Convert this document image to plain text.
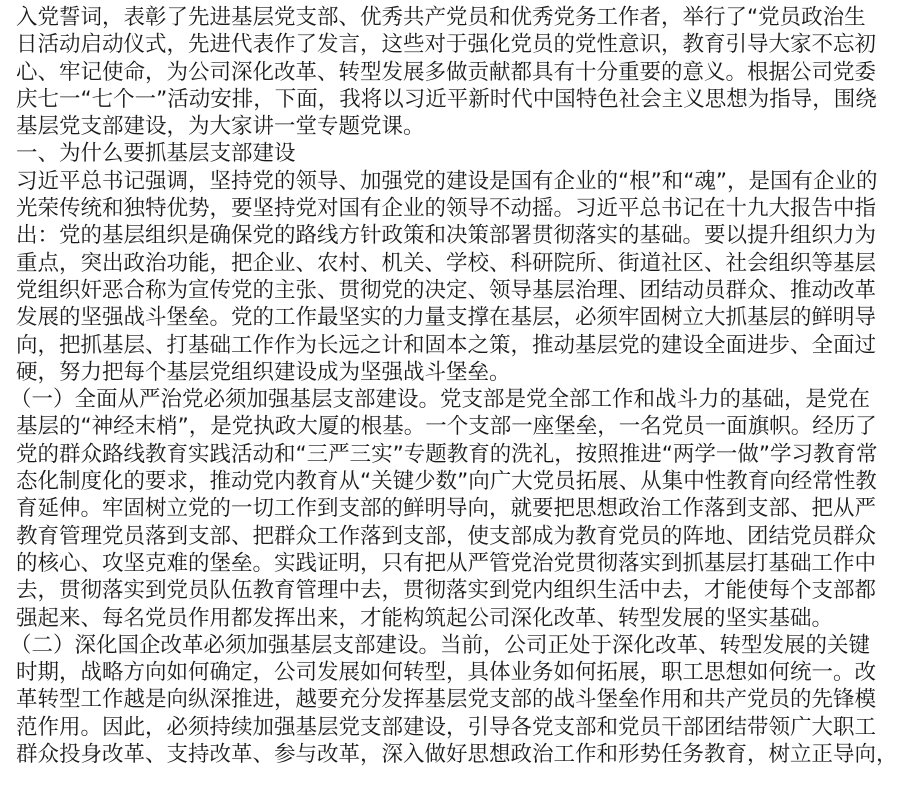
入党誓词，表彰了先进基层党支部、优秀共产党员和优秀党务工作者，举行了“党员政治生
日活动启动仪式，先进代表作了发言，这些对于强化党员的党性意识，教育引导大家不忘初
心、牢记使命，为公司深化改革、转型发展多做贡献都具有十分重要的意义。根据公司党委
庆七一“七个一”活动安排，下面，我将以习近平新时代中国特色社会主义思想为指导，围绕
基层党支部建设，为大家讲一堂专题党课。
一、为什么要抓基层支部建设
习近平总书记强调，坚持党的领导、加强党的建设是国有企业的“根”和“魂”，是国有企业的
光荣传统和独特优势，要坚持党对国有企业的领导不动摇。习近平总书记在十九大报告中指
出：党的基层组织是确保党的路线方针政策和决策部署贯彻落实的基础。要以提升组织力为
重点，突出政治功能，把企业、农村、机关、学校、科研院所、街道社区、社会组织等基层
党组织奸恶合称为宣传党的主张、贯彻党的决定、领导基层治理、团结动员群众、推动改革
发展的坚强战斗堡垒。党的工作最坚实的力量支撑在基层，必须牢固树立大抓基层的鲜明导
向，把抓基层、打基础工作作为长远之计和固本之策，推动基层党的建设全面进步、全面过
硬，努力把每个基层党组织建设成为坚强战斗堡垒。
（一）全面从严治党必须加强基层支部建设。党支部是党全部工作和战斗力的基础，是党在
基层的“神经末梢”，是党执政大厦的根基。一个支部一座堡垒，一名党员一面旗帜。经历了
党的群众路线教育实践活动和“三严三实”专题教育的洗礼，按照推进“两学一做”学习教育常
态化制度化的要求，推动党内教育从“关键少数”向广大党员拓展、从集中性教育向经常性教
育延伸。牢固树立党的一切工作到支部的鲜明导向，就要把思想政治工作落到支部、把从严
教育管理党员落到支部、把群众工作落到支部，使支部成为教育党员的阵地、团结党员群众
的核心、攻坚克难的堡垒。实践证明，只有把从严管党治党贯彻落实到抓基层打基础工作中
去，贯彻落实到党员队伍教育管理中去，贯彻落实到党内组织生活中去，才能使每个支部都
强起来、每名党员作用都发挥出来，才能构筑起公司深化改革、转型发展的坚实基础。
（二）深化国企改革必须加强基层支部建设。当前，公司正处于深化改革、转型发展的关键
时期，战略方向如何确定，公司发展如何转型，具体业务如何拓展，职工思想如何统一。改
革转型工作越是向纵深推进，越要充分发挥基层党支部的战斗堡垒作用和共产党员的先锋模
范作用。因此，必须持续加强基层党支部建设，引导各党支部和党员干部团结带领广大职工
群众投身改革、支持改革、参与改革，深入做好思想政治工作和形势任务教育，树立正导向，
